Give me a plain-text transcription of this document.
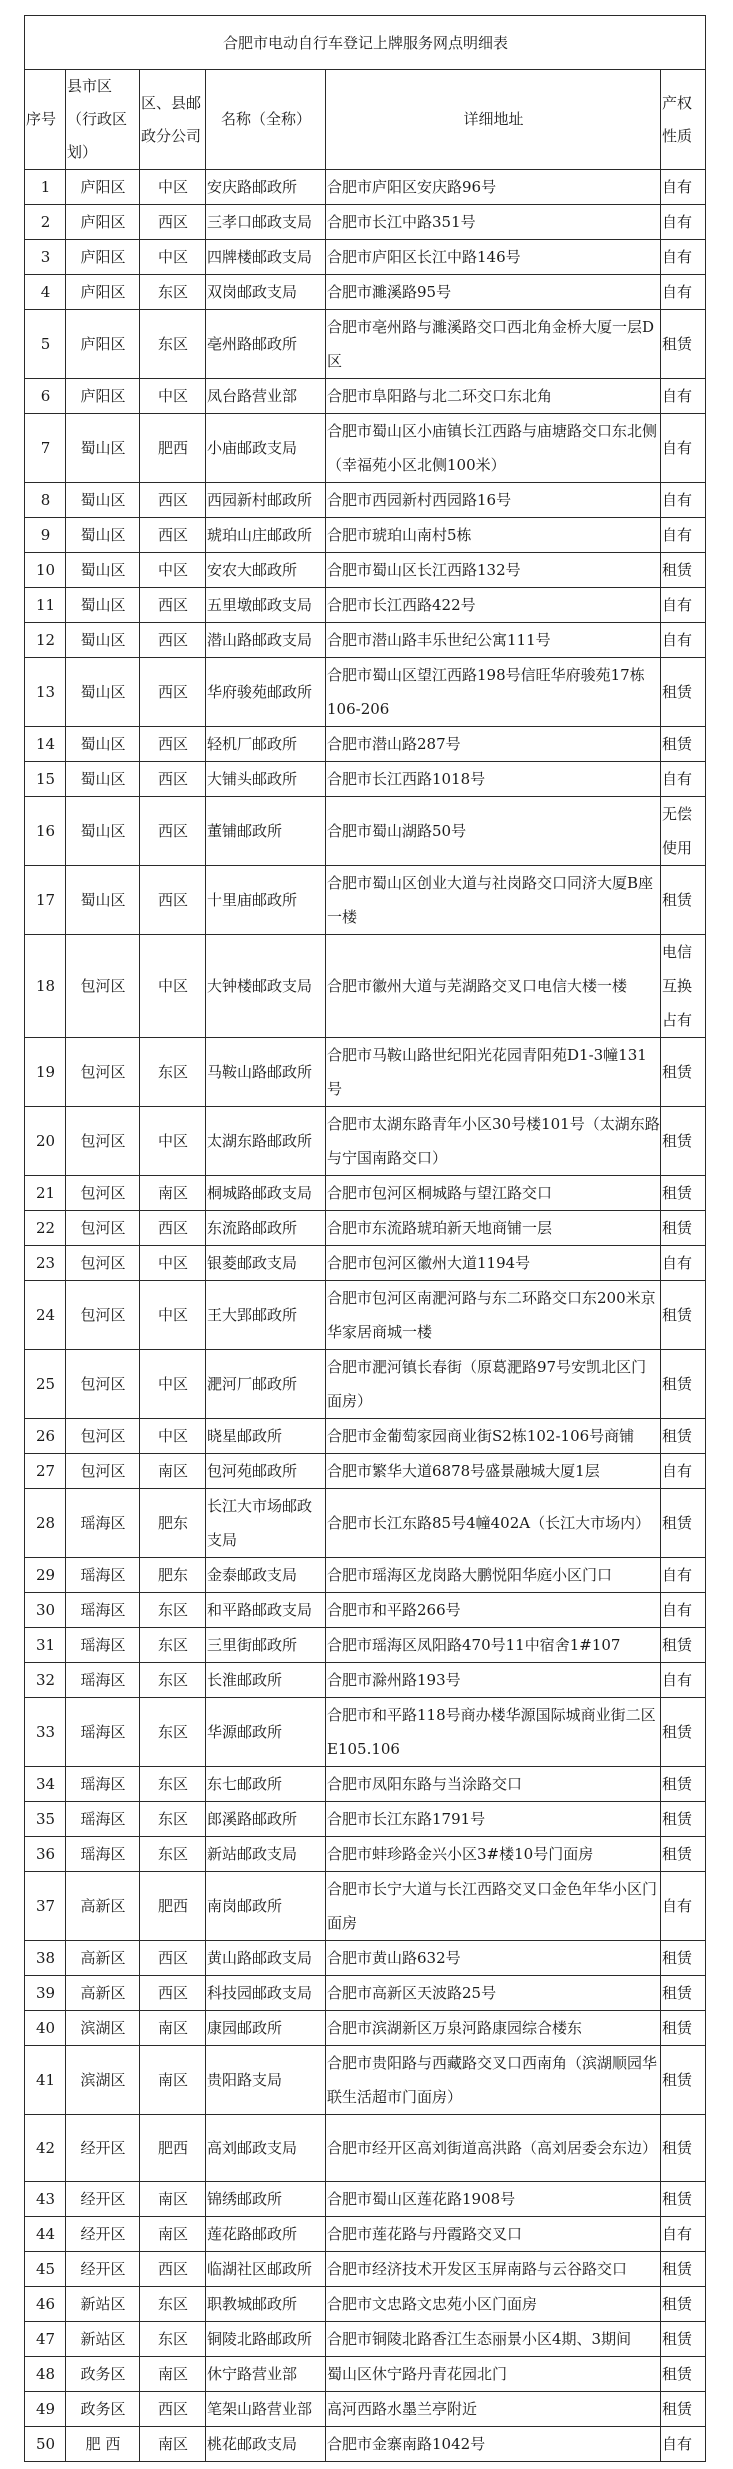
合肥市电动自行车登记上牌服务网点明细表					
序号	县市区（行政区划）	区、县邮政分公司	名称（全称）	详细地址	产权性质
1	庐阳区	中区	安庆路邮政所	合肥市庐阳区安庆路96号	自有
2	庐阳区	西区	三孝口邮政支局	合肥市长江中路351号	自有
3	庐阳区	中区	四牌楼邮政支局	合肥市庐阳区长江中路146号	自有
4	庐阳区	东区	双岗邮政支局	合肥市濉溪路95号	自有
5	庐阳区	东区	亳州路邮政所	合肥市亳州路与濉溪路交口西北角金桥大厦一层D区	租赁
6	庐阳区	中区	凤台路营业部	合肥市阜阳路与北二环交口东北角	自有
7	蜀山区	肥西	小庙邮政支局	合肥市蜀山区小庙镇长江西路与庙塘路交口东北侧（幸福苑小区北侧100米）	自有
8	蜀山区	西区	西园新村邮政所	合肥市西园新村西园路16号	自有
9	蜀山区	西区	琥珀山庄邮政所	合肥市琥珀山南村5栋	自有
10	蜀山区	中区	安农大邮政所	合肥市蜀山区长江西路132号	租赁
11	蜀山区	西区	五里墩邮政支局	合肥市长江西路422号	自有
12	蜀山区	西区	潜山路邮政支局	合肥市潜山路丰乐世纪公寓111号	自有
13	蜀山区	西区	华府骏苑邮政所	合肥市蜀山区望江西路198号信旺华府骏苑17栋106-206	租赁
14	蜀山区	西区	轻机厂邮政所	合肥市潜山路287号	租赁
15	蜀山区	西区	大铺头邮政所	合肥市长江西路1018号	自有
16	蜀山区	西区	董铺邮政所	合肥市蜀山湖路50号	无偿使用
17	蜀山区	西区	十里庙邮政所	合肥市蜀山区创业大道与社岗路交口同济大厦B座一楼	租赁
18	包河区	中区	大钟楼邮政支局	合肥市徽州大道与芜湖路交叉口电信大楼一楼	电信互换占有
19	包河区	东区	马鞍山路邮政所	合肥市马鞍山路世纪阳光花园青阳苑D1-3幢131号	租赁
20	包河区	中区	太湖东路邮政所	合肥市太湖东路青年小区30号楼101号（太湖东路与宁国南路交口）	租赁
21	包河区	南区	桐城路邮政支局	合肥市包河区桐城路与望江路交口	租赁
22	包河区	西区	东流路邮政所	合肥市东流路琥珀新天地商铺一层	租赁
23	包河区	中区	银菱邮政支局	合肥市包河区徽州大道1194号	自有
24	包河区	中区	王大郢邮政所	合肥市包河区南淝河路与东二环路交口东200米京华家居商城一楼	租赁
25	包河区	中区	淝河厂邮政所	合肥市淝河镇长春街（原葛淝路97号安凯北区门面房）	租赁
26	包河区	中区	晓星邮政所	合肥市金葡萄家园商业街S2栋102-106号商铺	租赁
27	包河区	南区	包河苑邮政所	合肥市繁华大道6878号盛景融城大厦1层	自有
28	瑶海区	肥东	长江大市场邮政支局	合肥市长江东路85号4幢402A（长江大市场内）	租赁
29	瑶海区	肥东	金泰邮政支局	合肥市瑶海区龙岗路大鹏悦阳华庭小区门口	自有
30	瑶海区	东区	和平路邮政支局	合肥市和平路266号	自有
31	瑶海区	东区	三里街邮政所	合肥市瑶海区凤阳路470号11中宿舍1#107	租赁
32	瑶海区	东区	长淮邮政所	合肥市滁州路193号	自有
33	瑶海区	东区	华源邮政所	合肥市和平路118号商办楼华源国际城商业街二区E105.106	租赁
34	瑶海区	东区	东七邮政所	合肥市凤阳东路与当涂路交口	租赁
35	瑶海区	东区	郎溪路邮政所	合肥市长江东路1791号	租赁
36	瑶海区	东区	新站邮政支局	合肥市蚌珍路金兴小区3#楼10号门面房	租赁
37	高新区	肥西	南岗邮政所	合肥市长宁大道与长江西路交叉口金色年华小区门面房	自有
38	高新区	西区	黄山路邮政支局	合肥市黄山路632号	租赁
39	高新区	西区	科技园邮政支局	合肥市高新区天波路25号	租赁
40	滨湖区	南区	康园邮政所	合肥市滨湖新区万泉河路康园综合楼东	租赁
41	滨湖区	南区	贵阳路支局	合肥市贵阳路与西藏路交叉口西南角（滨湖顺园华联生活超市门面房）	租赁
42	经开区	肥西	高刘邮政支局	合肥市经开区高刘街道高洪路（高刘居委会东边）	租赁
43	经开区	南区	锦绣邮政所	合肥市蜀山区莲花路1908号	租赁
44	经开区	南区	莲花路邮政所	合肥市莲花路与丹霞路交叉口	自有
45	经开区	西区	临湖社区邮政所	合肥市经济技术开发区玉屏南路与云谷路交口	租赁
46	新站区	东区	职教城邮政所	合肥市文忠路文忠苑小区门面房	租赁
47	新站区	东区	铜陵北路邮政所	合肥市铜陵北路香江生态丽景小区4期、3期间	租赁
48	政务区	南区	休宁路营业部	蜀山区休宁路丹青花园北门	租赁
49	政务区	西区	笔架山路营业部	高河西路水墨兰亭附近	租赁
50	肥 西	南区	桃花邮政支局	合肥市金寨南路1042号	自有
